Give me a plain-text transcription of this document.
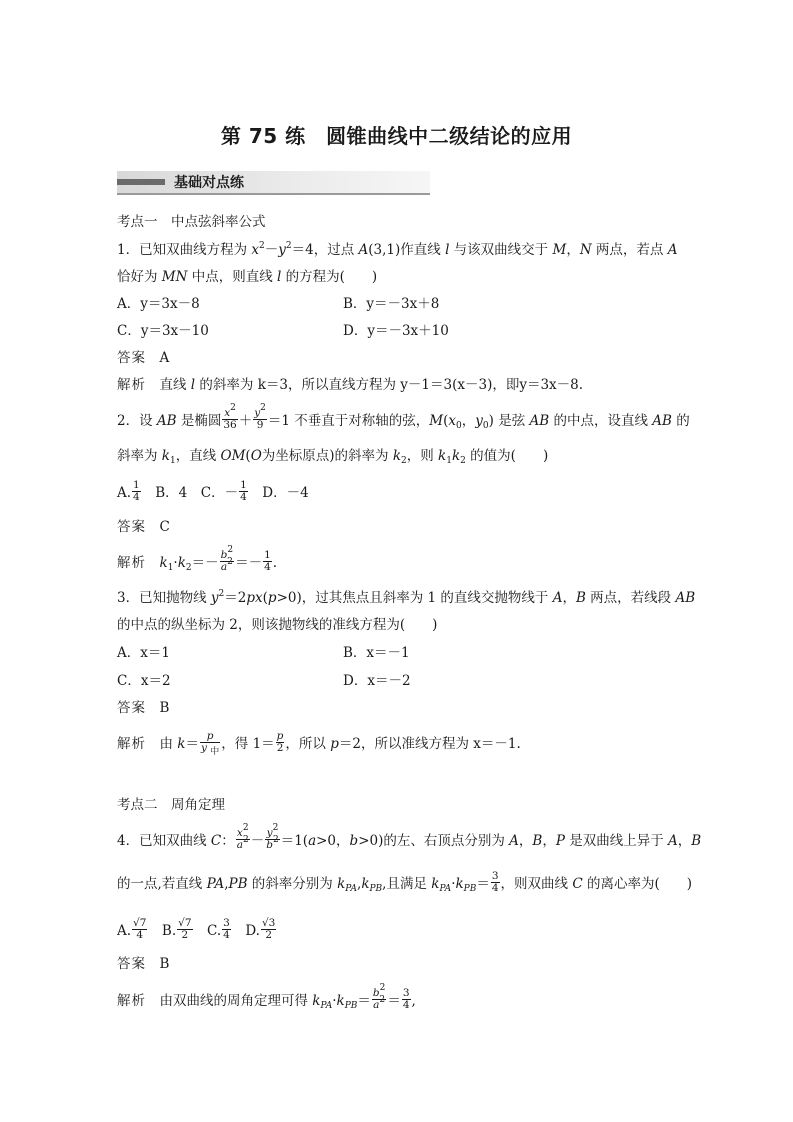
第 75 练　圆锥曲线中二级结论的应用
基础对点练
考点一　中点弦斜率公式
1．已知双曲线方程为 $x^2-y^2=4$，过点 A(3,1)作直线 l 与该双曲线交于 M，N 两点，若点 A
恰好为 MN 中点，则直线 l 的方程为(　　)
A．y＝3x－8	B．y＝－3x＋8
C．y＝3x－10	D．y＝－3x＋10
答案　 A
解析　 直线 l 的斜率为 k＝3，所以直线方程为 y－1＝3(x－3)，即y＝3x－8.
2．设 AB 是椭圆 $\frac{x^2}{36} + \frac{y^2}{9} =1$ 不垂直于对称轴的弦，$M(x_0$，$y_0$) 是弦 AB 的中点，设直线 AB 的
斜率为 $k_1$，直线 OM(O为坐标原点)的斜率为 $k_2$，则 $k_1k_2$ 的值为(　　)
A. $\frac{1}{4}$ 　B．4　C．－ $\frac{1}{4}$ 　D．－4
答案　 C
解析　 $k_1\cdot k_2=- \frac{b^2}{a^2} =- \frac{1}{4}$ .
3．已知抛物线 $y^2=2px(p>0)$，过其焦点且斜率为 1 的直线交抛物线于 A，B 两点，若线段 AB
的中点的纵坐标为 2，则该抛物线的准线方程为(　　)
A．x＝1	B．x＝－1
C．x＝2	D．x＝－2
答案　 B
解析　 由 $k= \frac{p}{y _中}$ ，得 $1= \frac{p}{2}$ ，所以 p＝2，所以准线方程为 x＝－1.
考点二　周角定理
4．已知双曲线 C： $\frac{x^2}{a^2} - \frac{y^2}{b^2} =1(a>0$，b>0)的左、右顶点分别为 A，B，P 是双曲线上异于 A，B
的一点,若直线 PA,PB 的斜率分别为 $k_{PA},k_{PB}$,且满足 $k_{PA}\cdot k_{PB}= \frac{3}{4}$ ，则双曲线 C 的离心率为(　　)
A. $\frac{√7}{4}$ 　B. $\frac{√7}{2}$ 　C. $\frac{3}{4}$ 　D. $\frac{√3}{2}$
答案　 B
解析　 由双曲线的周角定理可得 $k_{PA}\cdot k_{PB}= \frac{b^2}{a^2} = \frac{3}{4}$ ,
